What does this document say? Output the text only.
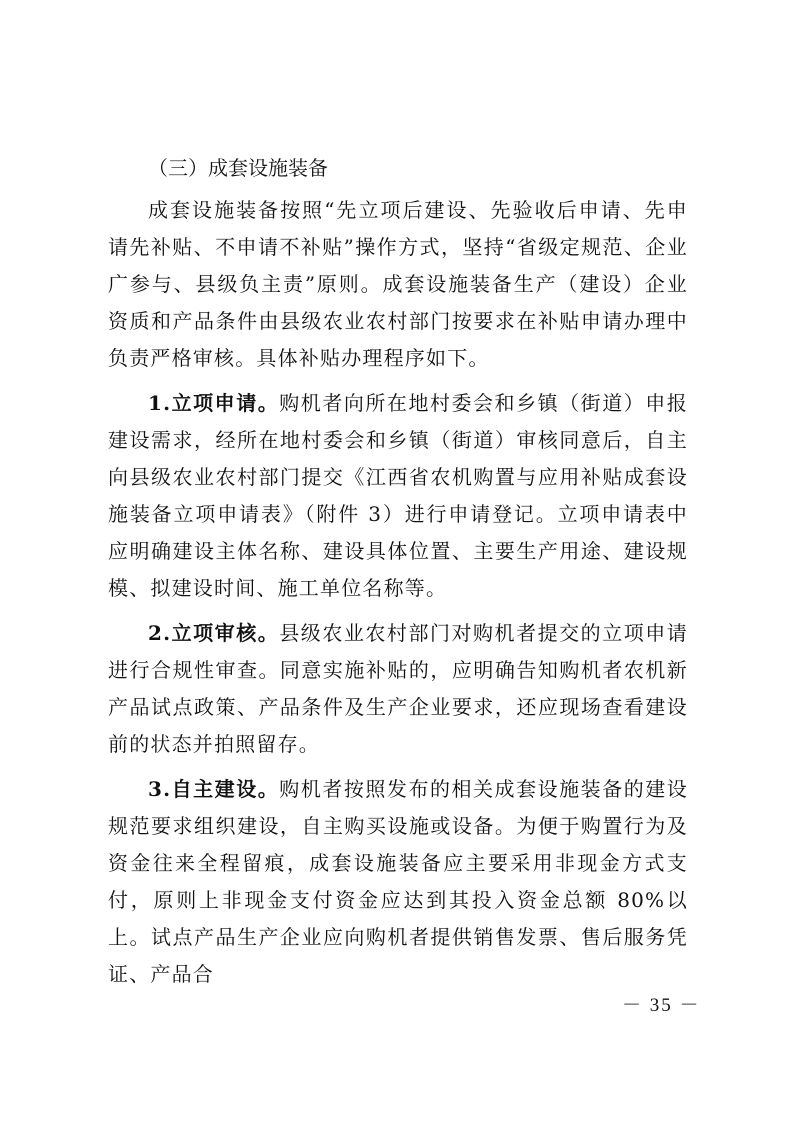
（三）成套设施装备

成套设施装备按照“先立项后建设、先验收后申请、先申请先补贴、不申请不补贴”操作方式，坚持“省级定规范、企业广参与、县级负主责”原则。成套设施装备生产（建设）企业资质和产品条件由县级农业农村部门按要求在补贴申请办理中负责严格审核。具体补贴办理程序如下。

1.立项申请。购机者向所在地村委会和乡镇（街道）申报建设需求，经所在地村委会和乡镇（街道）审核同意后，自主向县级农业农村部门提交《江西省农机购置与应用补贴成套设施装备立项申请表》（附件 3）进行申请登记。立项申请表中应明确建设主体名称、建设具体位置、主要生产用途、建设规模、拟建设时间、施工单位名称等。

2.立项审核。县级农业农村部门对购机者提交的立项申请进行合规性审查。同意实施补贴的，应明确告知购机者农机新产品试点政策、产品条件及生产企业要求，还应现场查看建设前的状态并拍照留存。

3.自主建设。购机者按照发布的相关成套设施装备的建设规范要求组织建设，自主购买设施或设备。为便于购置行为及资金往来全程留痕，成套设施装备应主要采用非现金方式支付，原则上非现金支付资金应达到其投入资金总额 80%以上。试点产品生产企业应向购机者提供销售发票、售后服务凭证、产品合

－ 35 －
